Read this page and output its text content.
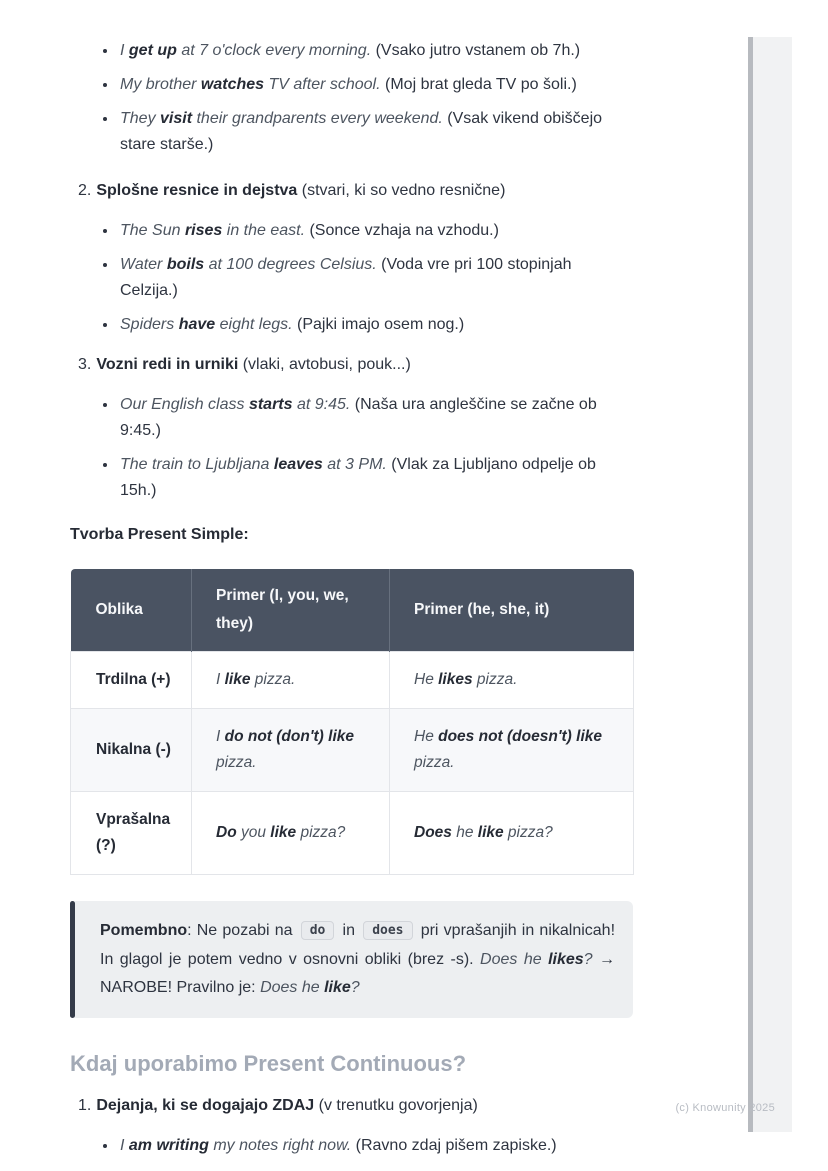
• I get up at 7 o'clock every morning. (Vsako jutro vstanem ob 7h.)
• My brother watches TV after school. (Moj brat gleda TV po šoli.)
• They visit their grandparents every weekend. (Vsak vikend obiščejo stare starše.)
2. Splošne resnice in dejstva (stvari, ki so vedno resnične)
• The Sun rises in the east. (Sonce vzhaja na vzhodu.)
• Water boils at 100 degrees Celsius. (Voda vre pri 100 stopinjah Celzija.)
• Spiders have eight legs. (Pajki imajo osem nog.)
3. Vozni redi in urniki (vlaki, avtobusi, pouk...)
• Our English class starts at 9:45. (Naša ura angleščine se začne ob 9:45.)
• The train to Ljubljana leaves at 3 PM. (Vlak za Ljubljano odpelje ob 15h.)

Tvorba Present Simple:

Oblika	Primer (I, you, we, they)	Primer (he, she, it)
Trdilna (+)	I like pizza.	He likes pizza.
Nikalna (-)	I do not (don't) like pizza.	He does not (doesn't) like pizza.
Vprašalna (?)	Do you like pizza?	Does he like pizza?
Pomembno: Ne pozabi na do in does pri vprašanjih in nikalnicah! In glagol je potem vedno v osnovni obliki (brez -s). Does he likes? → NAROBE! Pravilno je: Does he like?
Kdaj uporabimo Present Continuous?
1. Dejanja, ki se dogajajo ZDAJ (v trenutku govorjenja)
• I am writing my notes right now. (Ravno zdaj pišem zapiske.)
(c) Knowunity 2025
